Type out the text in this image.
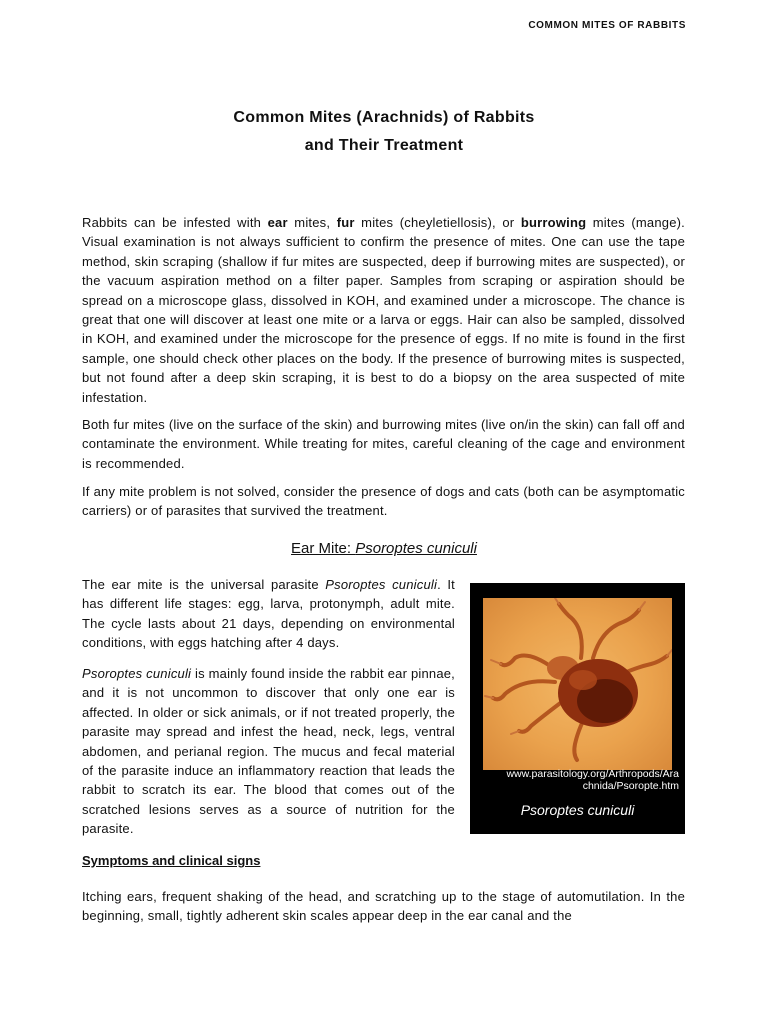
COMMON MITES OF RABBITS
Common Mites (Arachnids) of Rabbits
and Their Treatment

Rabbits can be infested with ear mites, fur mites (cheyletiellosis), or burrowing mites (mange). Visual examination is not always sufficient to confirm the presence of mites. One can use the tape method, skin scraping (shallow if fur mites are suspected, deep if burrowing mites are suspected), or the vacuum aspiration method on a filter paper. Samples from scraping or aspiration should be spread on a microscope glass, dissolved in KOH, and examined under a microscope. The chance is great that one will discover at least one mite or a larva or eggs. Hair can also be sampled, dissolved in KOH, and examined under the microscope for the presence of eggs. If no mite is found in the first sample, one should check other places on the body. If the presence of burrowing mites is suspected, but not found after a deep skin scraping, it is best to do a biopsy on the area suspected of mite infestation.

Both fur mites (live on the surface of the skin) and burrowing mites (live on/in the skin) can fall off and contaminate the environment. While treating for mites, careful cleaning of the cage and environment is recommended.

If any mite problem is not solved, consider the presence of dogs and cats (both can be asymptomatic carriers) or of parasites that survived the treatment.

Ear Mite: Psoroptes cuniculi

The ear mite is the universal parasite Psoroptes cuniculi. It has different life stages: egg, larva, protonymph, adult mite. The cycle lasts about 21 days, depending on environmental conditions, with eggs hatching after 4 days.

Psoroptes cuniculi is mainly found inside the rabbit ear pinnae, and it is not uncommon to discover that only one ear is affected. In older or sick animals, or if not treated properly, the parasite may spread and infest the head, neck, legs, ventral abdomen, and perianal region. The mucus and fecal material of the parasite induce an inflammatory reaction that leads the rabbit to scratch its ear. The blood that comes out of the scratched lesions serves as a source of nutrition for the parasite.

www.parasitology.org/Arthropods/Ara
chnida/Psoropte.htm
Psoroptes cuniculi
Symptoms and clinical signs

Itching ears, frequent shaking of the head, and scratching up to the stage of automutilation. In the beginning, small, tightly adherent skin scales appear deep in the ear canal and the
